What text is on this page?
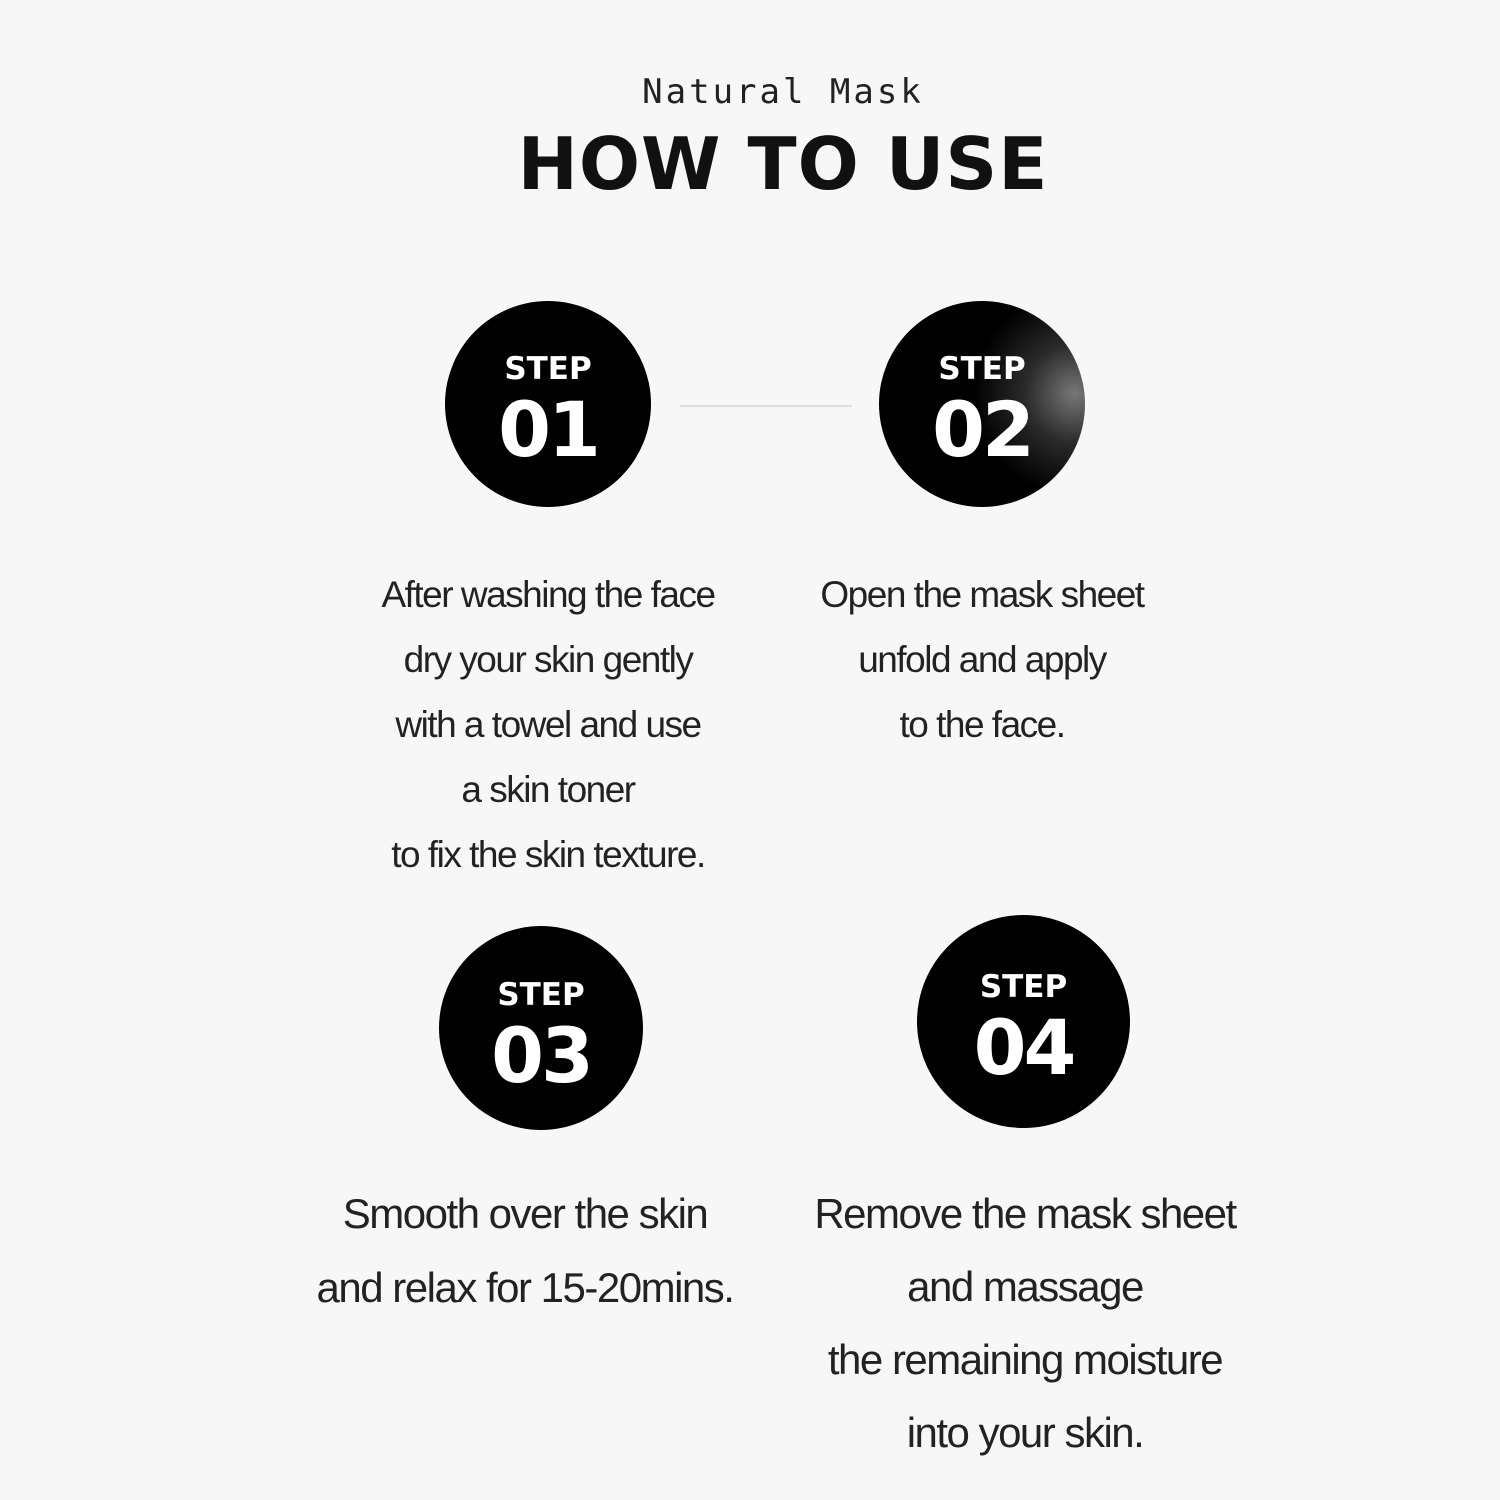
Natural Mask
HOW TO USE
STEP
01
After washing the face
dry your skin gently
with a towel and use
a skin toner
to fix the skin texture.
STEP
02
Open the mask sheet
unfold and apply
to the face.
STEP
03
Smooth over the skin
and relax for 15-20mins.
STEP
04
Remove the mask sheet
and massage
the remaining moisture
into your skin.
